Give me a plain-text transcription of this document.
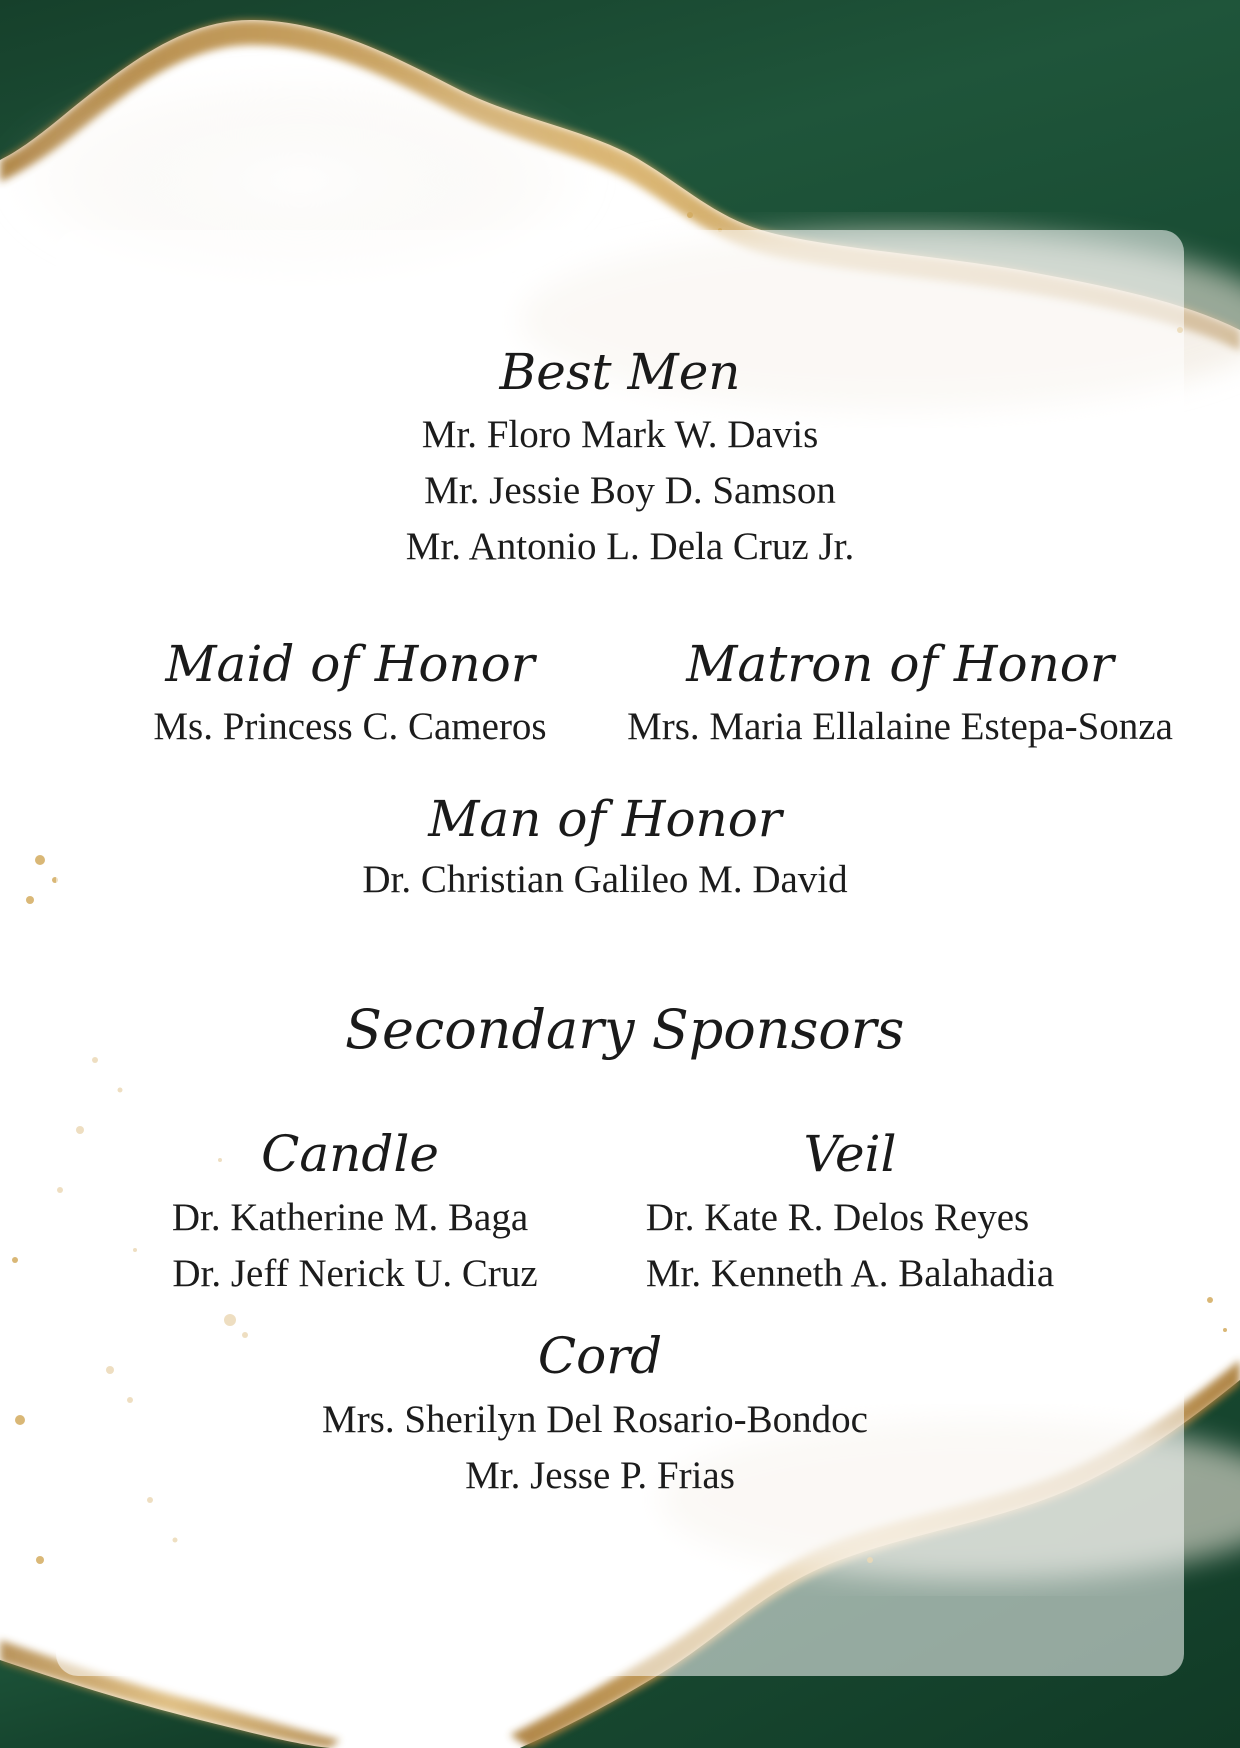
Best Men
Mr. Floro Mark W. Davis
Mr. Jessie Boy D. Samson
Mr. Antonio L. Dela Cruz Jr.
Maid of Honor
Ms. Princess C. Cameros
Matron of Honor
Mrs. Maria Ellalaine Estepa-Sonza
Man of Honor
Dr. Christian Galileo M. David
Secondary Sponsors
Candle
Dr. Katherine M. Baga
Dr. Jeff Nerick U. Cruz
Veil
Dr. Kate R. Delos Reyes
Mr. Kenneth A. Balahadia
Cord
Mrs. Sherilyn Del Rosario-Bondoc
Mr. Jesse P. Frias
